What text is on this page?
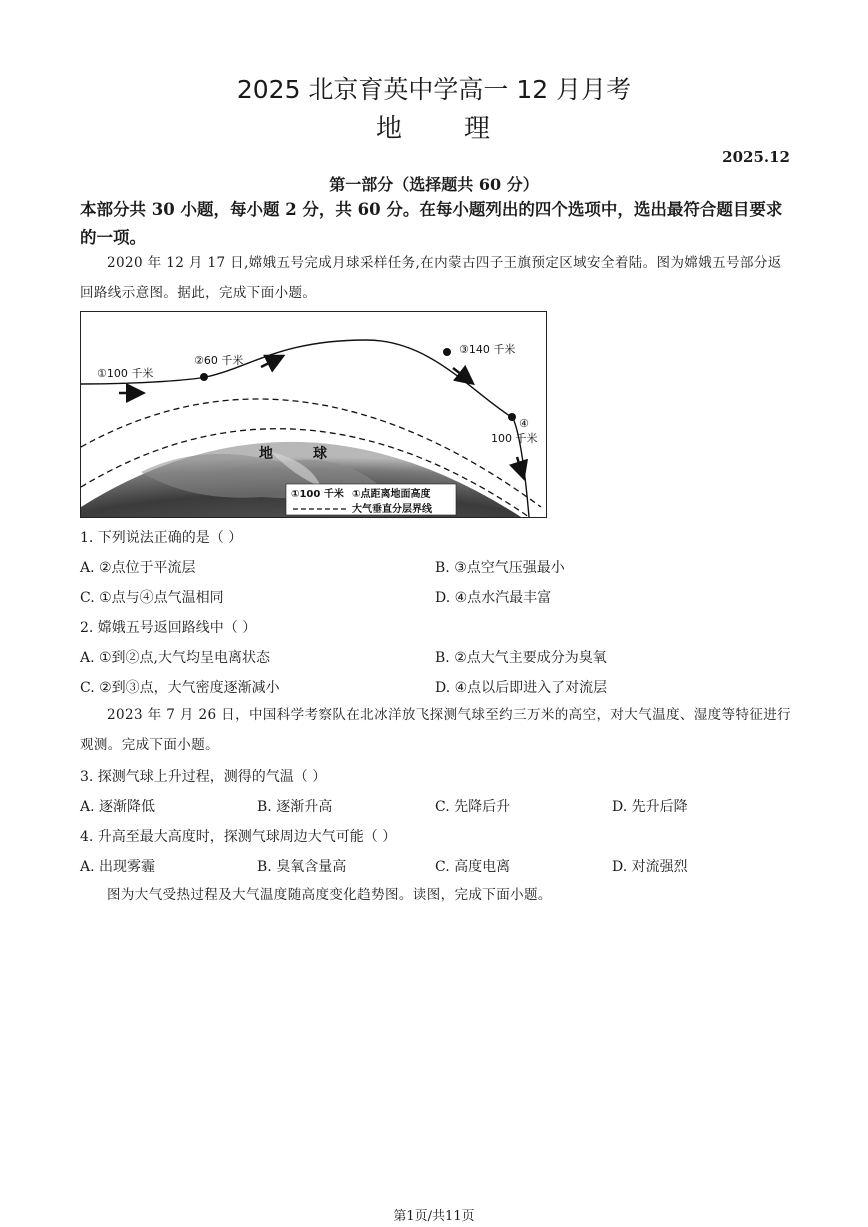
2025 北京育英中学高一 12 月月考
地 理
2025.12
第一部分（选择题共 60 分）
本部分共 30 小题，每小题 2 分，共 60 分。在每小题列出的四个选项中，选出最符合题目要求的一项。
2020 年 12 月 17 日,嫦娥五号完成月球采样任务,在内蒙古四子王旗预定区域安全着陆。图为嫦娥五号部分返回路线示意图。据此，完成下面小题。
①100 千米
②60 千米
③140 千米
④
100 千米
地	球
①100 千米 ①点距离地面高度
大气垂直分层界线
1. 下列说法正确的是（ ）
A. ②点位于平流层	B. ③点空气压强最小
C. ①点与④点气温相同	D. ④点水汽最丰富
2. 嫦娥五号返回路线中（ ）
A. ①到②点,大气均呈电离状态	B. ②点大气主要成分为臭氧
C. ②到③点，大气密度逐渐减小	D. ④点以后即进入了对流层
2023 年 7 月 26 日，中国科学考察队在北冰洋放飞探测气球至约三万米的高空，对大气温度、湿度等特征进行观测。完成下面小题。
3. 探测气球上升过程，测得的气温（ ）
A. 逐渐降低	B. 逐渐升高	C. 先降后升	D. 先升后降
4. 升高至最大高度时，探测气球周边大气可能（ ）
A. 出现雾霾	B. 臭氧含量高	C. 高度电离	D. 对流强烈
图为大气受热过程及大气温度随高度变化趋势图。读图，完成下面小题。
第1页/共11页
